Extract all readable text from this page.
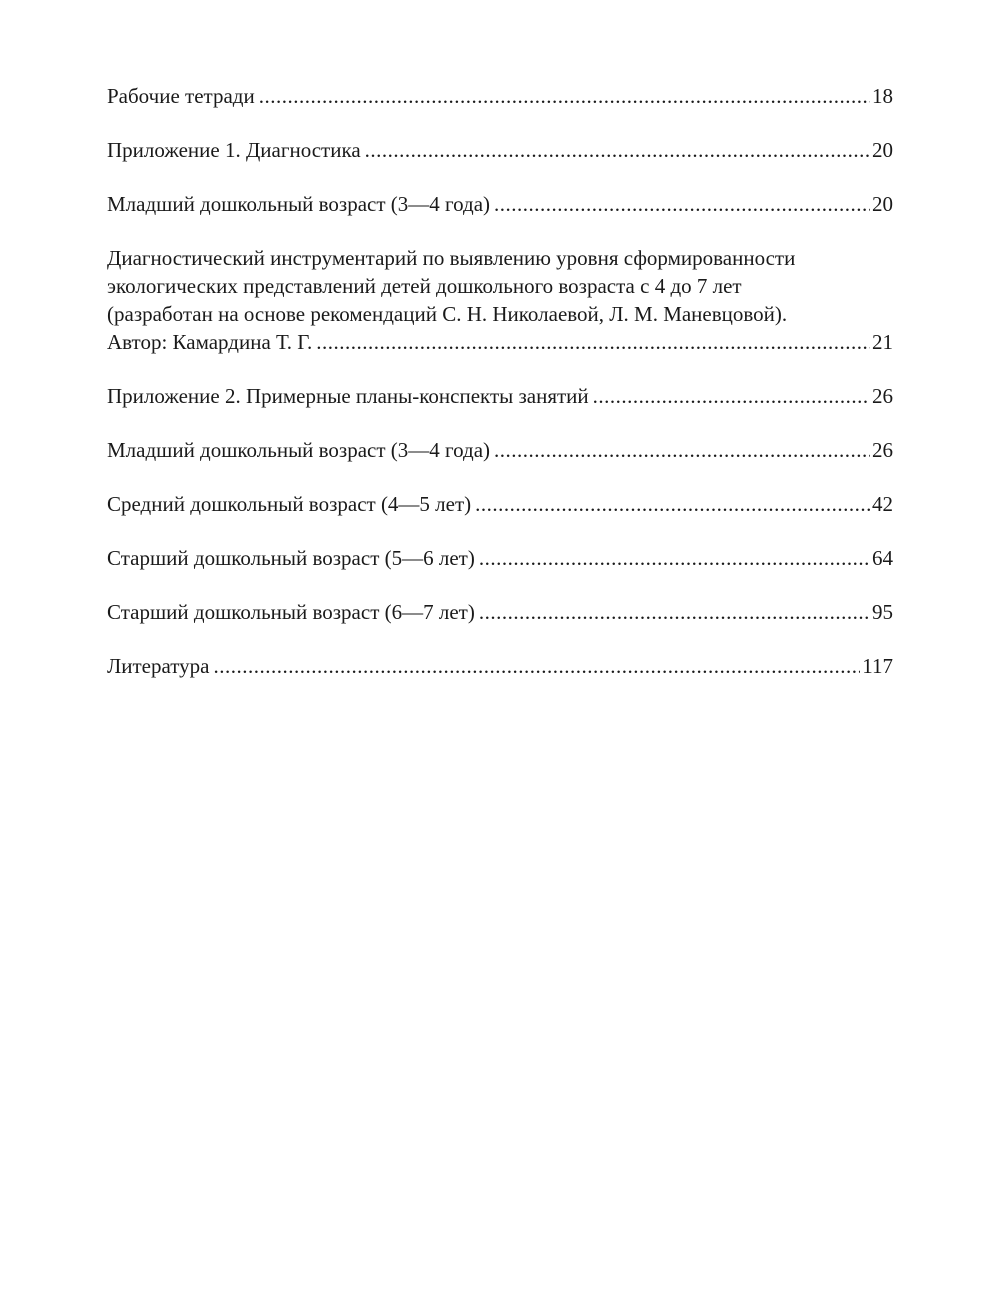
Рабочие тетради .....	18
Приложение 1. Диагностика .....	20
Младший дошкольный возраст (3—4 года) .....	20
Диагностический инструментарий по выявлению уровня сформированности
экологических представлений детей дошкольного возраста с 4 до 7 лет
(разработан на основе рекомендаций С. Н. Николаевой, Л. М. Маневцовой).
Автор: Камардина Т. Г. .....	21
Приложение 2. Примерные планы-конспекты занятий .....	26
Младший дошкольный возраст (3—4 года) .....	26
Средний дошкольный возраст (4—5 лет) .....	42
Старший дошкольный возраст (5—6 лет) .....	64
Старший дошкольный возраст (6—7 лет) .....	95
Литература .....	117
